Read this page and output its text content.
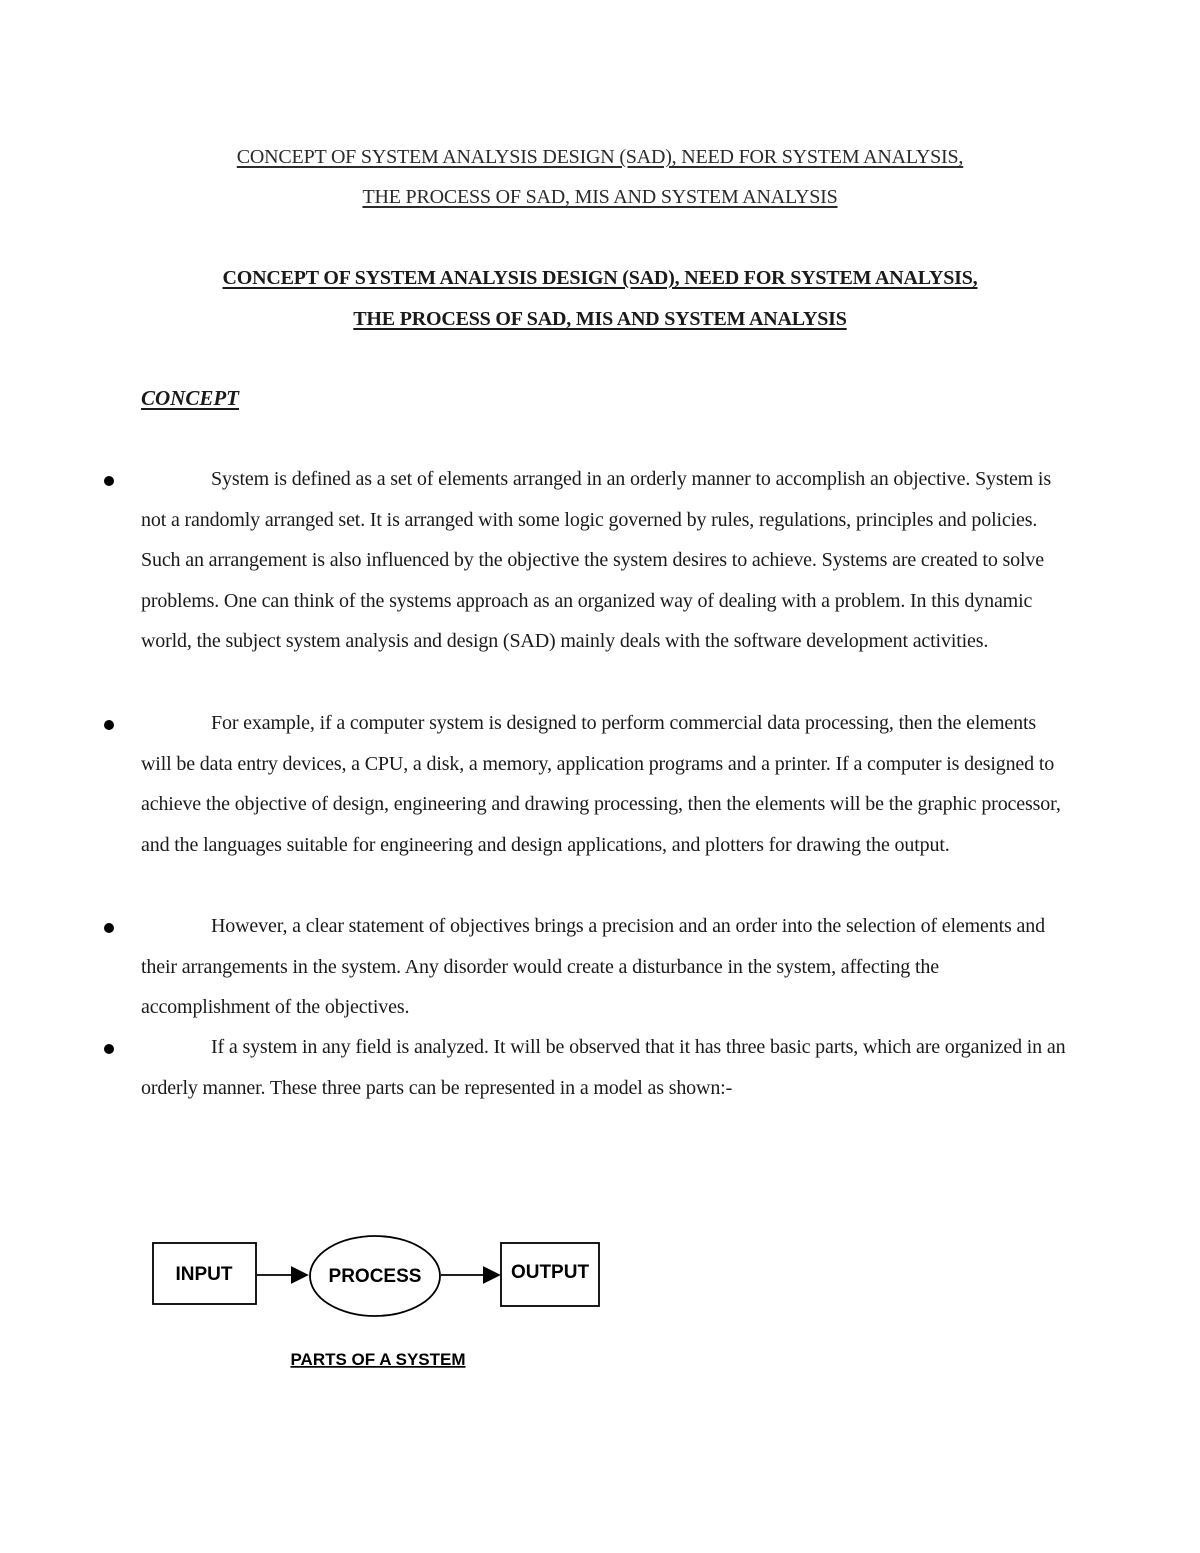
CONCEPT OF SYSTEM ANALYSIS DESIGN (SAD), NEED FOR SYSTEM ANALYSIS,
THE PROCESS OF SAD, MIS AND SYSTEM ANALYSIS
CONCEPT OF SYSTEM ANALYSIS DESIGN (SAD), NEED FOR SYSTEM ANALYSIS,
THE PROCESS OF SAD, MIS AND SYSTEM ANALYSIS
CONCEPT

System is defined as a set of elements arranged in an orderly manner to accomplish an objective. System is not a randomly arranged set. It is arranged with some logic governed by rules, regulations, principles and policies. Such an arrangement is also influenced by the objective the system desires to achieve. Systems are created to solve problems. One can think of the systems approach as an organized way of dealing with a problem. In this dynamic world, the subject system analysis and design (SAD) mainly deals with the software development activities.

For example, if a computer system is designed to perform commercial data processing, then the elements will be data entry devices, a CPU, a disk, a memory, application programs and a printer. If a computer is designed to achieve the objective of design, engineering and drawing processing, then the elements will be the graphic processor, and the languages suitable for engineering and design applications, and plotters for drawing the output.

However, a clear statement of objectives brings a precision and an order into the selection of elements and their arrangements in the system. Any disorder would create a disturbance in the system, affecting the accomplishment of the objectives.

If a system in any field is analyzed. It will be observed that it has three basic parts, which are organized in an orderly manner. These three parts can be represented in a model as shown:-

INPUT	PROCESS	OUTPUT
PARTS OF A SYSTEM
